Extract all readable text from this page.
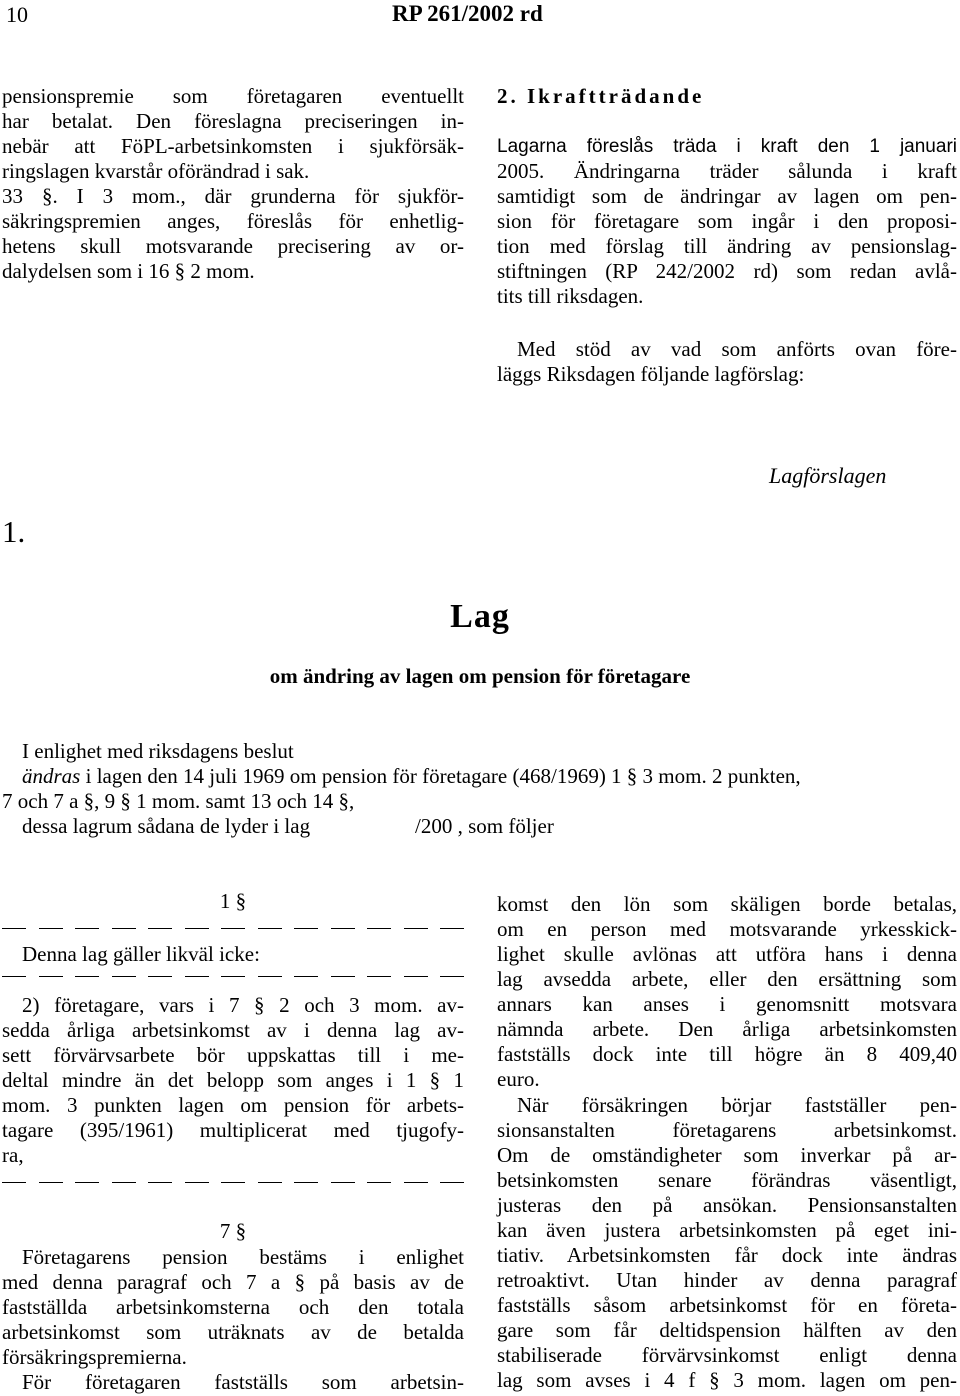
10	RP 261/2002 rd
pensionspremie som företagaren eventuellt
har betalat. Den föreslagna preciseringen in-
nebär att FöPL-arbetsinkomsten i sjukförsäk-
ringslagen kvarstår oförändrad i sak.
33 §. I 3 mom., där grunderna för sjukför-
säkringspremien anges, föreslås för enhetlig-
hetens skull motsvarande precisering av or-
dalydelsen som i 16 § 2 mom.
2. Ikraftträdande
Lagarna föreslås träda i kraft den 1 januari
2005. Ändringarna träder sålunda i kraft
samtidigt som de ändringar av lagen om pen-
sion för företagare som ingår i den proposi-
tion med förslag till ändring av pensionslag-
stiftningen (RP 242/2002 rd) som redan avlå-
tits till riksdagen.
Med stöd av vad som anförts ovan före-
läggs Riksdagen följande lagförslag:
Lagförslagen
1.
Lag
om ändring av lagen om pension för företagare
I enlighet med riksdagens beslut
ändras i lagen den 14 juli 1969 om pension för företagare (468/1969) 1 § 3 mom. 2 punkten,
7 och 7 a §, 9 § 1 mom. samt 13 och 14 §,
dessa lagrum sådana de lyder i lag	/200 , som följer
1 §
Denna lag gäller likväl icke:
2) företagare, vars i 7 § 2 och 3 mom. av-
sedda årliga arbetsinkomst av i denna lag av-
sett förvärvsarbete bör uppskattas till i me-
deltal mindre än det belopp som anges i 1 § 1
mom. 3 punkten lagen om pension för arbets-
tagare (395/1961) multiplicerat med tjugofy-
ra,
7 §
Företagarens pension bestäms i enlighet
med denna paragraf och 7 a § på basis av de
fastställda arbetsinkomsterna och den totala
arbetsinkomst som uträknats av de betalda
försäkringspremierna.
För företagaren fastställs som arbetsin-
komst den lön som skäligen borde betalas,
om en person med motsvarande yrkesskick-
lighet skulle avlönas att utföra hans i denna
lag avsedda arbete, eller den ersättning som
annars kan anses i genomsnitt motsvara
nämnda arbete. Den årliga arbetsinkomsten
fastställs dock inte till högre än 8 409,40
euro.
När försäkringen börjar fastställer pen-
sionsanstalten företagarens arbetsinkomst.
Om de omständigheter som inverkar på ar-
betsinkomsten senare förändras väsentligt,
justeras den på ansökan. Pensionsanstalten
kan även justera arbetsinkomsten på eget ini-
tiativ. Arbetsinkomsten får dock inte ändras
retroaktivt. Utan hinder av denna paragraf
fastställs såsom arbetsinkomst för en företa-
gare som får deltidspension hälften av den
stabiliserade förvärvsinkomst enligt denna
lag som avses i 4 f § 3 mom. lagen om pen-
